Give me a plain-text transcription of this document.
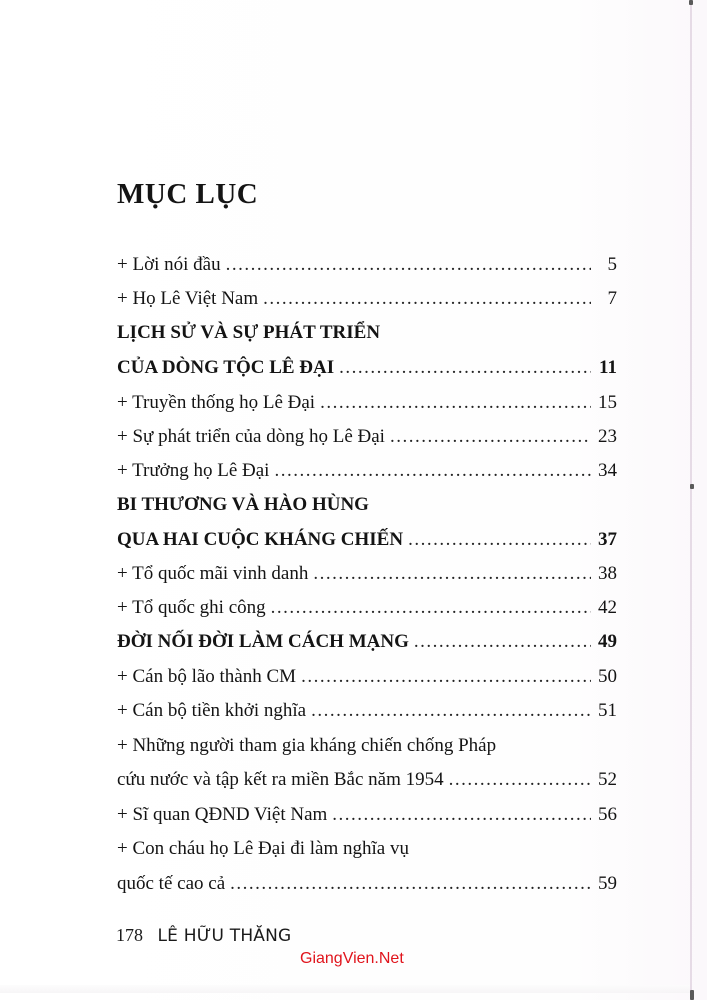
MỤC LỤC
+ Lời nói đầu .....	5
+ Họ Lê Việt Nam .....	7
LỊCH SỬ VÀ SỰ PHÁT TRIỂN
CỦA DÒNG TỘC LÊ ĐẠI .....	11
+ Truyền thống họ Lê Đại .....	15
+ Sự phát triển của dòng họ Lê Đại .....	23
+ Trưởng họ Lê Đại .....	34
BI THƯƠNG VÀ HÀO HÙNG
QUA HAI CUỘC KHÁNG CHIẾN .....	37
+ Tổ quốc mãi vinh danh .....	38
+ Tổ quốc ghi công .....	42
ĐỜI NỐI ĐỜI LÀM CÁCH MẠNG .....	49
+ Cán bộ lão thành CM .....	50
+ Cán bộ tiền khởi nghĩa .....	51
+ Những người tham gia kháng chiến chống Pháp
cứu nước và tập kết ra miền Bắc năm 1954 .....	52
+ Sĩ quan QĐND Việt Nam .....	56
+ Con cháu họ Lê Đại đi làm nghĩa vụ
quốc tế cao cả .....	59
178 LÊ HỮU THĂNG
GiangVien.Net
